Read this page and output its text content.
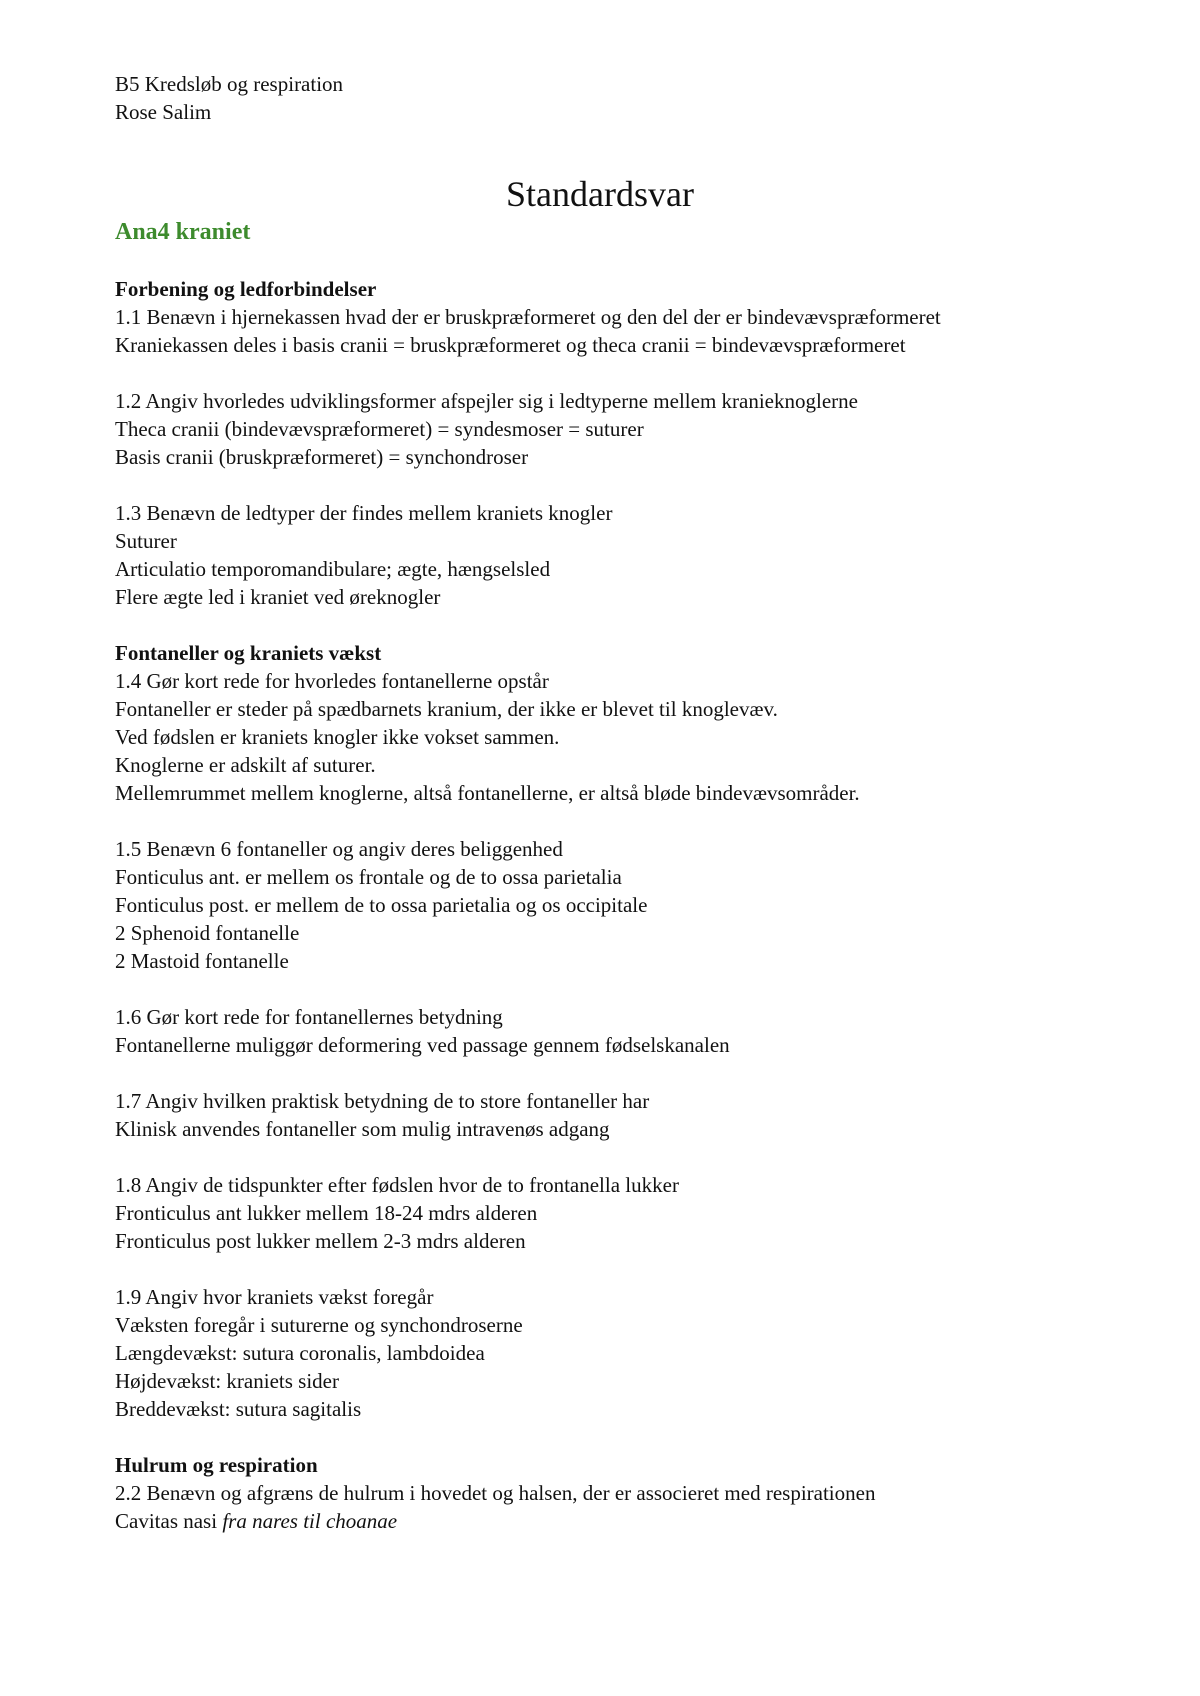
B5 Kredsløb og respiration
Rose Salim
Standardsvar
Ana4 kraniet
Forbening og ledforbindelser
1.1 Benævn i hjernekassen hvad der er bruskpræformeret og den del der er bindevævspræformeret
Kraniekassen deles i basis cranii = bruskpræformeret og theca cranii = bindevævspræformeret
1.2 Angiv hvorledes udviklingsformer afspejler sig i ledtyperne mellem kranieknoglerne
Theca cranii (bindevævspræformeret) = syndesmoser = suturer
Basis cranii (bruskpræformeret) = synchondroser
1.3 Benævn de ledtyper der findes mellem kraniets knogler
Suturer
Articulatio temporomandibulare; ægte, hængselsled
Flere ægte led i kraniet ved øreknogler
Fontaneller og kraniets vækst
1.4 Gør kort rede for hvorledes fontanellerne opstår
Fontaneller er steder på spædbarnets kranium, der ikke er blevet til knoglevæv.
Ved fødslen er kraniets knogler ikke vokset sammen.
Knoglerne er adskilt af suturer.
Mellemrummet mellem knoglerne, altså fontanellerne, er altså bløde bindevævsområder.
1.5 Benævn 6 fontaneller og angiv deres beliggenhed
Fonticulus ant. er mellem os frontale og de to ossa parietalia
Fonticulus post. er mellem de to ossa parietalia og os occipitale
2 Sphenoid fontanelle
2 Mastoid fontanelle
1.6 Gør kort rede for fontanellernes betydning
Fontanellerne muliggør deformering ved passage gennem fødselskanalen
1.7 Angiv hvilken praktisk betydning de to store fontaneller har
Klinisk anvendes fontaneller som mulig intravenøs adgang
1.8 Angiv de tidspunkter efter fødslen hvor de to frontanella lukker
Fronticulus ant lukker mellem 18-24 mdrs alderen
Fronticulus post lukker mellem 2-3 mdrs alderen
1.9 Angiv hvor kraniets vækst foregår
Væksten foregår i suturerne og synchondroserne
Længdevækst: sutura coronalis, lambdoidea
Højdevækst: kraniets sider
Breddevækst: sutura sagitalis
Hulrum og respiration
2.2 Benævn og afgræns de hulrum i hovedet og halsen, der er associeret med respirationen
Cavitas nasi fra nares til choanae
